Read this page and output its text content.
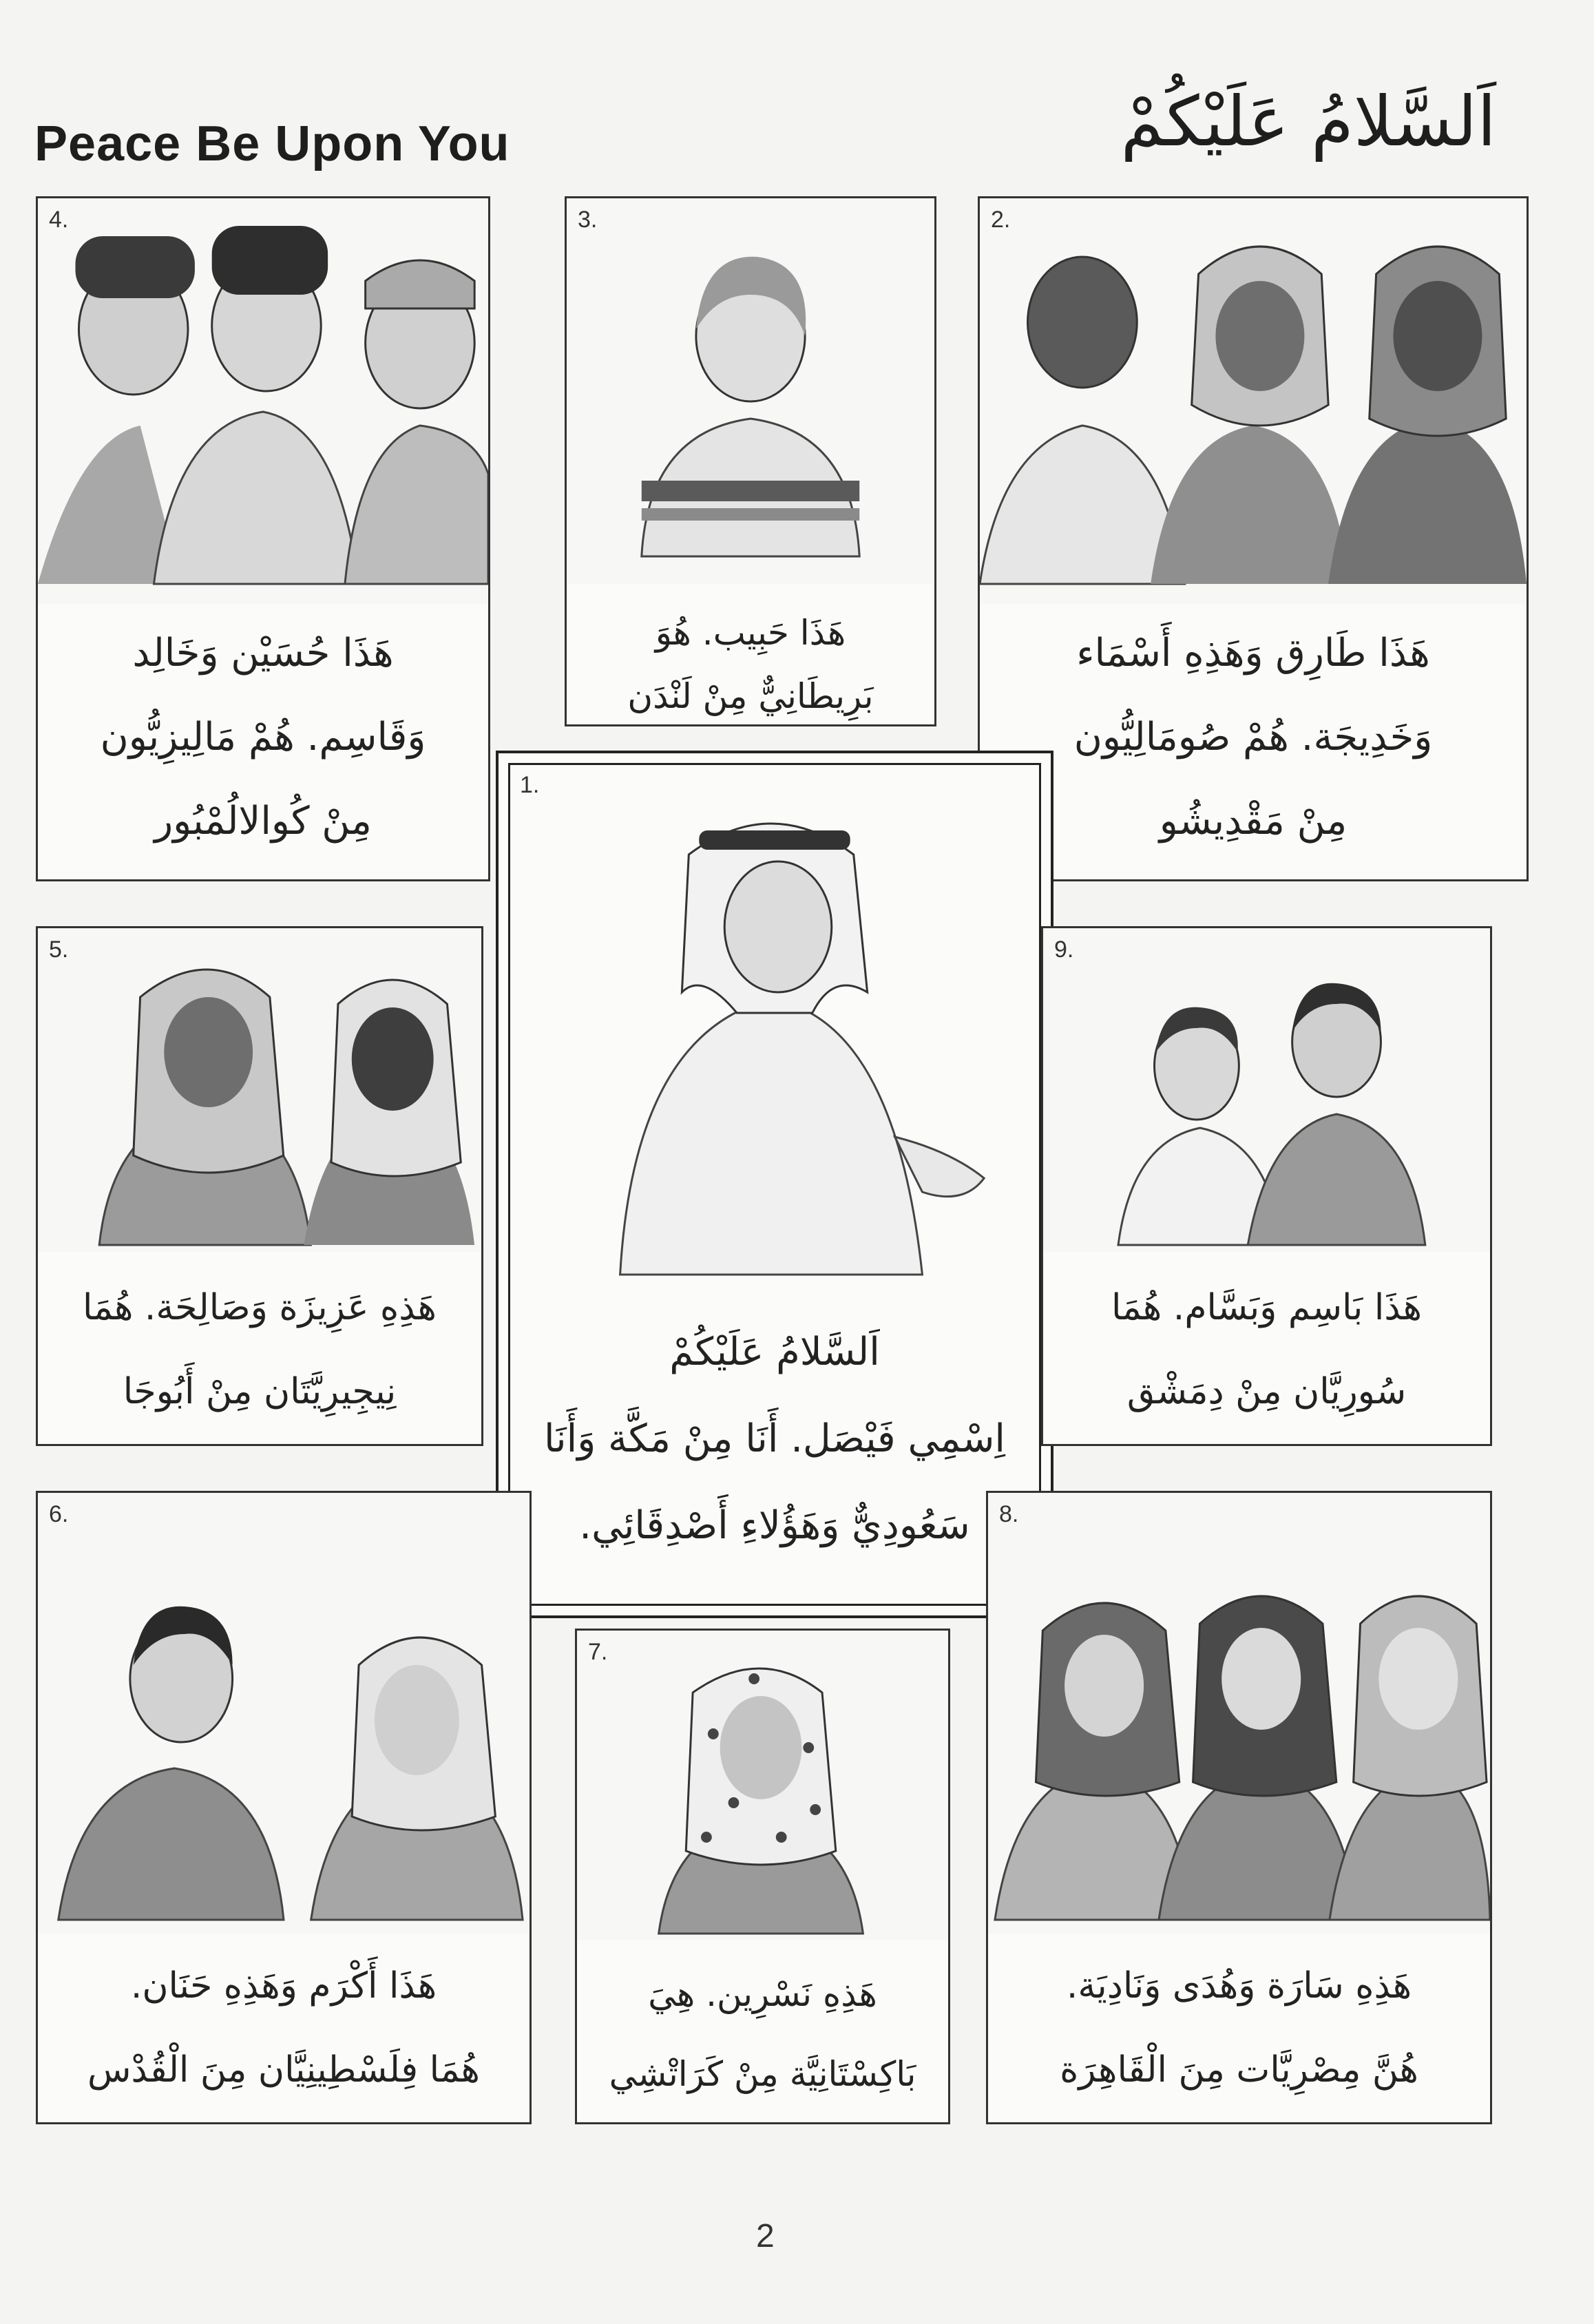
Peace Be Upon You	اَلسَّلامُ عَلَيْكُمْ
4.

هَذَا حُسَيْن وَخَالِد

وَقَاسِم. هُمْ مَالِيزِيُّون

مِنْ كُوالالُمْبُور

3.

هَذَا حَبِيب. هُوَ

بَرِيطَانِيٌّ مِنْ لَنْدَن

2.

هَذَا طَارِق وَهَذِهِ أَسْمَاء

وَخَدِيجَة. هُمْ صُومَالِيُّون

مِنْ مَقْدِيشُو

1.

اَلسَّلامُ عَلَيْكُمْ

اِسْمِي فَيْصَل. أَنَا مِنْ مَكَّة وَأَنَا

سَعُودِيٌّ وَهَؤُلاءِ أَصْدِقَائِي.

5.

هَذِهِ عَزِيزَة وَصَالِحَة. هُمَا

نِيجِيرِيَّتَان مِنْ أَبُوجَا

9.

هَذَا بَاسِم وَبَسَّام. هُمَا

سُورِيَّان مِنْ دِمَشْق

6.

هَذَا أَكْرَم وَهَذِهِ حَنَان.

هُمَا فِلَسْطِينِيَّان مِنَ الْقُدْس

7.

هَذِهِ نَسْرِين. هِيَ

بَاكِسْتَانِيَّة مِنْ كَرَاتْشِي

8.

هَذِهِ سَارَة وَهُدَى وَنَادِيَة.

هُنَّ مِصْرِيَّات مِنَ الْقَاهِرَة

2
